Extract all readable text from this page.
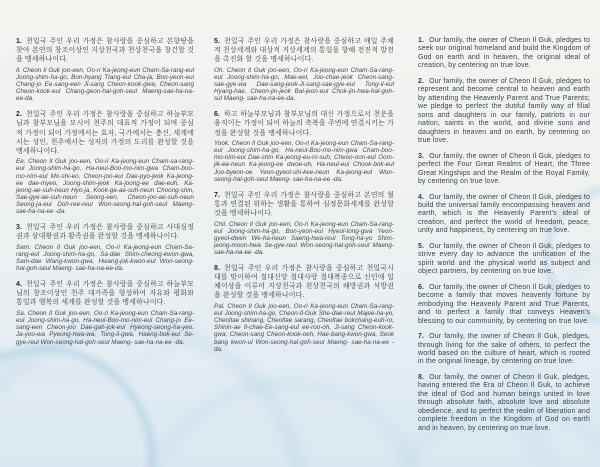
1. 천일국 주인 우리 가정은 참사랑을 중심하고 본향땅을 찾아 본연의 창조이상인 지상천국과 천상천국을 창건할 것을 맹세하나이다.

Il. Cheon Il Guk joo-een, Oo-ri Ka-jeong-eun Cham-Sa-rang-eul Joong-shim-ha-go, Bon-hyang Ttang-eul Cha-ja, Bon-yeon-eui Chang-jo Ee-sang-een Ji-sang Cheon-kook-gwa, Cheon-sang Cheon-kook-eul Chang-geon-hal-goh-seul Maeng-sae-ha-na-ee-da.

2. 천일국 주인 우리 가정은 참사랑을 중심하고 하늘부모님과 참부모님을 모시어 천주의 대표적 가정이 되며 중심적 가정이 되어 가정에서는 효자, 국가에서는 충신, 세계에서는 성인, 천주에서는 성자의 가정의 도리를 완성할 것을 맹세하나이다.

Ee. Cheon Il Guk joo-een, Oo-ri Ka-jeong-eun Cham-sa-rang-eul Joong-shim-ha-go, Ha-neul-Boo-mo-nim-gwa Cham-boo-mo-nim-eul Mo-shi-eo, Cheon-joo-eui Dae-pyo-jeok Ka-jeong-ee dae-myeo, Joong-shim-jeok Ka-joong-ee dae-euh, Ka-jeong-ae-suh-neun Hyo-ja, Kook-ga-ae-suh-neun Choong-shin, Sae-gye-ae-suh-neun Seong-een, Cheon-joo-ae-suh-neun Seong-ja-eui Doh-ree-reul Won-seong-hal-goh-seul Maeng- sae-ha-na-ee -da.

3. 천일국 주인 우리 가정은 참사랑을 중심하고 사대심정권과 삼대왕권과 황족권을 완성할 것을 맹세하나이다.

Sam. Cheon Il Guk joo-een, Oo-ri Ka-jeong-eun Cham-Sa-rang-eul Joong-shim-ha-go, Sa-dae Shim-cheong-kwon-gwa, Sam-dae Wang-kwon-gwa, Hwang-jok-kwon-eul Won-seong-hal-goh-seul Maeng- sae-ha-na-ee-da.

4. 천일국 주인 우리 가정은 참사랑을 중심하고 하늘부모님의 창조이상인 천주 대가족을 형성하여 자유와 평화와 통일과 행복의 세계를 완성할 것을 맹세하나이다.

Sa. Cheon Il Guk joo-een, Oo-ri Ka-jeong-eun Cham-Sa-rang-eul Joong-shim-ha-go, Ha-neul-Boo-mo-nim-eui Chang-jo Ee-sang-een Cheon-joo Dae-gah-jok-eul Hyeong-seong-ha-yeo, Ja-yoo-wa Pyeong-hwa-wa, Tong-il-gwa, Haeng-bok-eui Se-gye-reul Won-seong-hal-goh-seul Maeng- sae-ha-na-ee -da.

5. 천일국 주인 우리 가정은 참사랑을 중심하고 매일 주체적 천상세계와 대상적 지상세계의 통일을 향해 전진적 발전을 촉진화 할 것을 맹세하나이다.

Oh. Cheon Il Guk joo-een, Oo-ri Ka-jeong-eun Cham-Sa-rang-eul Joong-shim-ha-go, Mae-eel, Joo-chae-jeok Cheon-sang-sae-gye-wa Dae-sang-jeok-Ji-sang-sae-gye-eui Tong-il-eul Hyang-hae, Cheon-jin-jeok Bal-jeon-eul Chok-jin-hwa-hal-goh-sul Maeng- sae-ha-na-ee-da.

6. 하고 하늘부모님과 참부모님의 대신 가정으로서 천운을 움직이는 가정이 되어 하늘의 축복을 주변에 연결시키는 가정을 완성할 것을 맹세하나이다.

Yook. Cheon Il Guk joo-een, Oo-ri Ka-jeong-eun Cham-Sa-rang-eul Joong-shim-ha-go, Ha-neul-Boo-mo-nim-gwa Cham-boo-mo-nim-eui Dae-shin Ka-jeong-eu-ro-suh, Cheon-oon-eul Oom-jik-ee-neun Ka-jeong-ee dwoe-uh, Ha-neul-eui Chook-bok-eul Joo-byeon-oe Yeon-gyeol-shi-kee-neun Ka-jeong-eul Won-seong-hal-goh-seul Maeng- sae-ha-na-ee -da.

7. 천일국 주인 우리 가정은 참사랑을 중심하고 본연의 혈통과 연결된 위하는 생활을 통하여 심정문화세계를 완성할 것을 맹세하나이다.

Chil. Cheon Il Guk joo-een, Oo-ri Ka-jeong-eun Cham-Sa-rang-eul Joong-shim-ha-go, Bon-yeon-eui Hyeol-tong-gwa Yeon-gyeol-dwen We-ha-neun Saeng-hwa-reul Tong-ha-yo Shim-jeong-moon-hwa Se-gye-reul Won-seong-hal-goh-seul Maeng- sae-ha-na-ee -da.

8. 천일국 주인 우리 가정은 참사랑을 중심하고 천일국시대를 맞이하여 절대신앙 절대사랑 절대복종으로 신인애 일체이상을 이루어 지상천국과 천상천국의 해방권과 석방권을 완성할 것을 맹세하나이다.

Pal. Cheon Il Guk joo-een, Oo-ri Ka-jeong-eun Cham-Sa-rang-eul Joong-shim-ha-go, Cheon-Il-Guk She-dae-reul Majee-ha-yo, Cheoltae shinang, Cheoltae sarang, Cheoltae bokchang-euh-ro, Shinin-ae Il-chae-Ee-sang-eul ee-roo-oh, Ji-sang Cheon-kook-gwa, Cheon-sang Cheon-kook-oeh, Hae-bang-kwon-gwa, Seok bang kwon-ul Won-seong-hal-goh-seul Maeng- sae-ha-na-ee -da.

1. Our family, the owner of Cheon Il Guk, pledges to seek our original homeland and build the Kingdom of God on earth and in heaven, the original ideal of creation, by centering on true love.

2. Our family, the owner of Cheon Il Guk, pledges to represent and become central to heaven and earth by attending the Heavenly Parent and True Parents; we pledge to perfect the dutiful family way of filial sons and daughters in our family, patriots in our nation, saints in the world, and divine sons and daughters in heaven and on earth, by centering on true love.

3. Our family, the owner of Cheon Il Guk, pledges to perfect the Four Great Realms of Heart, the Three Great Kingships and the Realm of the Royal Family, by centering on true love.

4. Our family, the owner of Cheon Il Guk, pledges to build the universal family encompassing heaven and earth, which is the Heavenly Parent's ideal of creation, and perfect the world of freedom, peace, unity and happiness, by centering on true love.

5. Our family, the owner of Cheon Il Guk, pledges to strive every day to advance the unification of the spirit world and the physical world as subject and object partners, by centering on true love.

6. Our family, the owner of Cheon Il Guk, pledges to become a family that moves heavenly fortune by embodying the Heavenly Parent and True Parents, and to perfect a family that conveys Heaven's blessing to our community, by centering on true love.

7. Our family, the owner of Cheon Il Guk, pledges, through living for the sake of others, to perfect the world based on the culture of heart, which is rooted in the original lineage, by centering on true love.

8. Our family, the owner of Cheon Il Guk, pledges, having entered the Era of Cheon Il Guk, to achieve the ideal of God and human beings united in love through absolute faith, absolute love and absolute obedience, and to perfect the realm of liberation and complete freedom in the Kingdom of God on earth and in heaven, by centering on true love.
